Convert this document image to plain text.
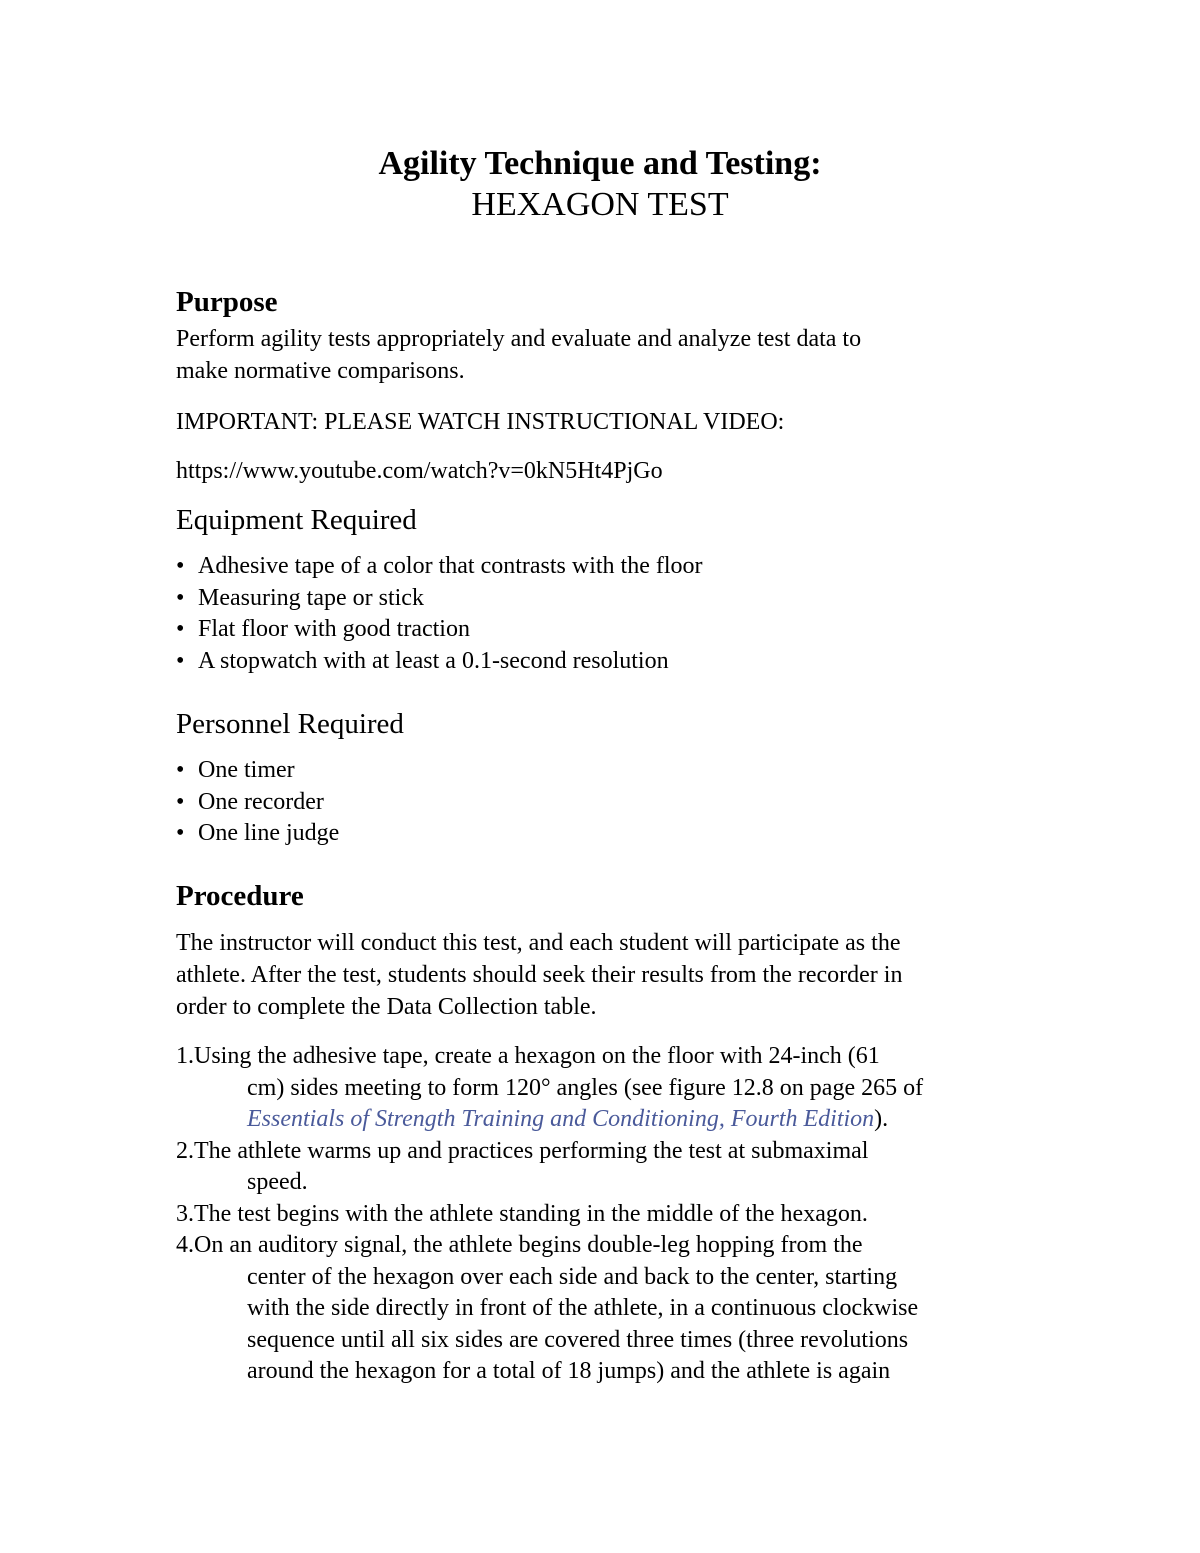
Agility Technique and Testing:
HEXAGON TEST
Purpose
Perform agility tests appropriately and evaluate and analyze test data to
make normative comparisons.
IMPORTANT: PLEASE WATCH INSTRUCTIONAL VIDEO:
https://www.youtube.com/watch?v=0kN5Ht4PjGo
Equipment Required
• Adhesive tape of a color that contrasts with the floor
• Measuring tape or stick
• Flat floor with good traction
• A stopwatch with at least a 0.1-second resolution
Personnel Required
• One timer
• One recorder
• One line judge
Procedure
The instructor will conduct this test, and each student will participate as the
athlete. After the test, students should seek their results from the recorder in
order to complete the Data Collection table.
1.Using the adhesive tape, create a hexagon on the floor with 24-inch (61
cm) sides meeting to form 120° angles (see figure 12.8 on page 265 of
Essentials of Strength Training and Conditioning, Fourth Edition).
2.The athlete warms up and practices performing the test at submaximal
speed.
3.The test begins with the athlete standing in the middle of the hexagon.
4.On an auditory signal, the athlete begins double-leg hopping from the
center of the hexagon over each side and back to the center, starting
with the side directly in front of the athlete, in a continuous clockwise
sequence until all six sides are covered three times (three revolutions
around the hexagon for a total of 18 jumps) and the athlete is again
